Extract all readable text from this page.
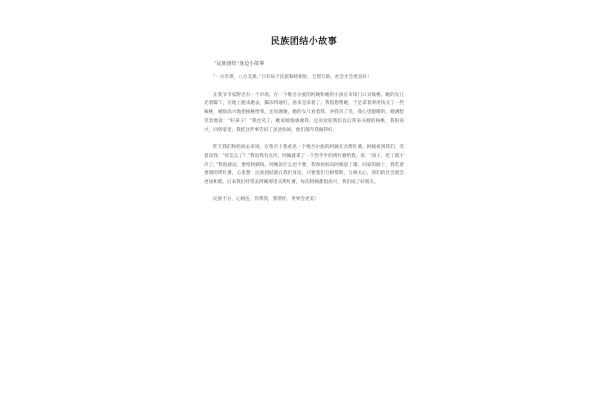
民族团结小故事
“民族团结”身边小故事

“一方有难，八方支援。”只有每个民族和睦相处，互帮互助，社会才会更美好！

在我爷爷家附近有一个市场，在一个维吾尔族的阿姨和她的小孩在市场门口卖核桃。她的女儿光着脚丫，在地上跑来跑去，脚冻得通红，看来是冻着了。我很想帮她，于是拿着零用钱买了一些核桃，她很高兴地把核桃给我，还说谢谢，她的女儿看着我，冲我笑了笑，我心里暖暖的，她满脸笑容地说：“好孩子！”我也笑了，她说她很感谢我，还说欢迎我们以后常来买她的核桃，我很高兴，回到家里，我把这件事告诉了爸爸妈妈，他们都夸我做得好。

昨天我们和妈妈去市场，在集市上我看见一个维吾尔族的阿姨在卖烤红薯，阿姨看到我们，笑着问我：“你怎么了？”我说我有点冷，阿姨就拿了一个热乎乎的烤红薯给我，说：“孩子，吃了就不冷了。”我很感动，要给阿姨钱，阿姨说什么也不要，我和妈妈向阿姨道了谢。回家的路上，我吃着香甜的烤红薯，心里想：民族团结就在我们身边，只要我们互相帮助，互相关心，我们的社会就会更加和谐。后来我们经常去阿姨那里买烤红薯，每次阿姨都很高兴，我们成了好朋友。

民族不分，心相连，你帮我，我帮你，世界会更美！
